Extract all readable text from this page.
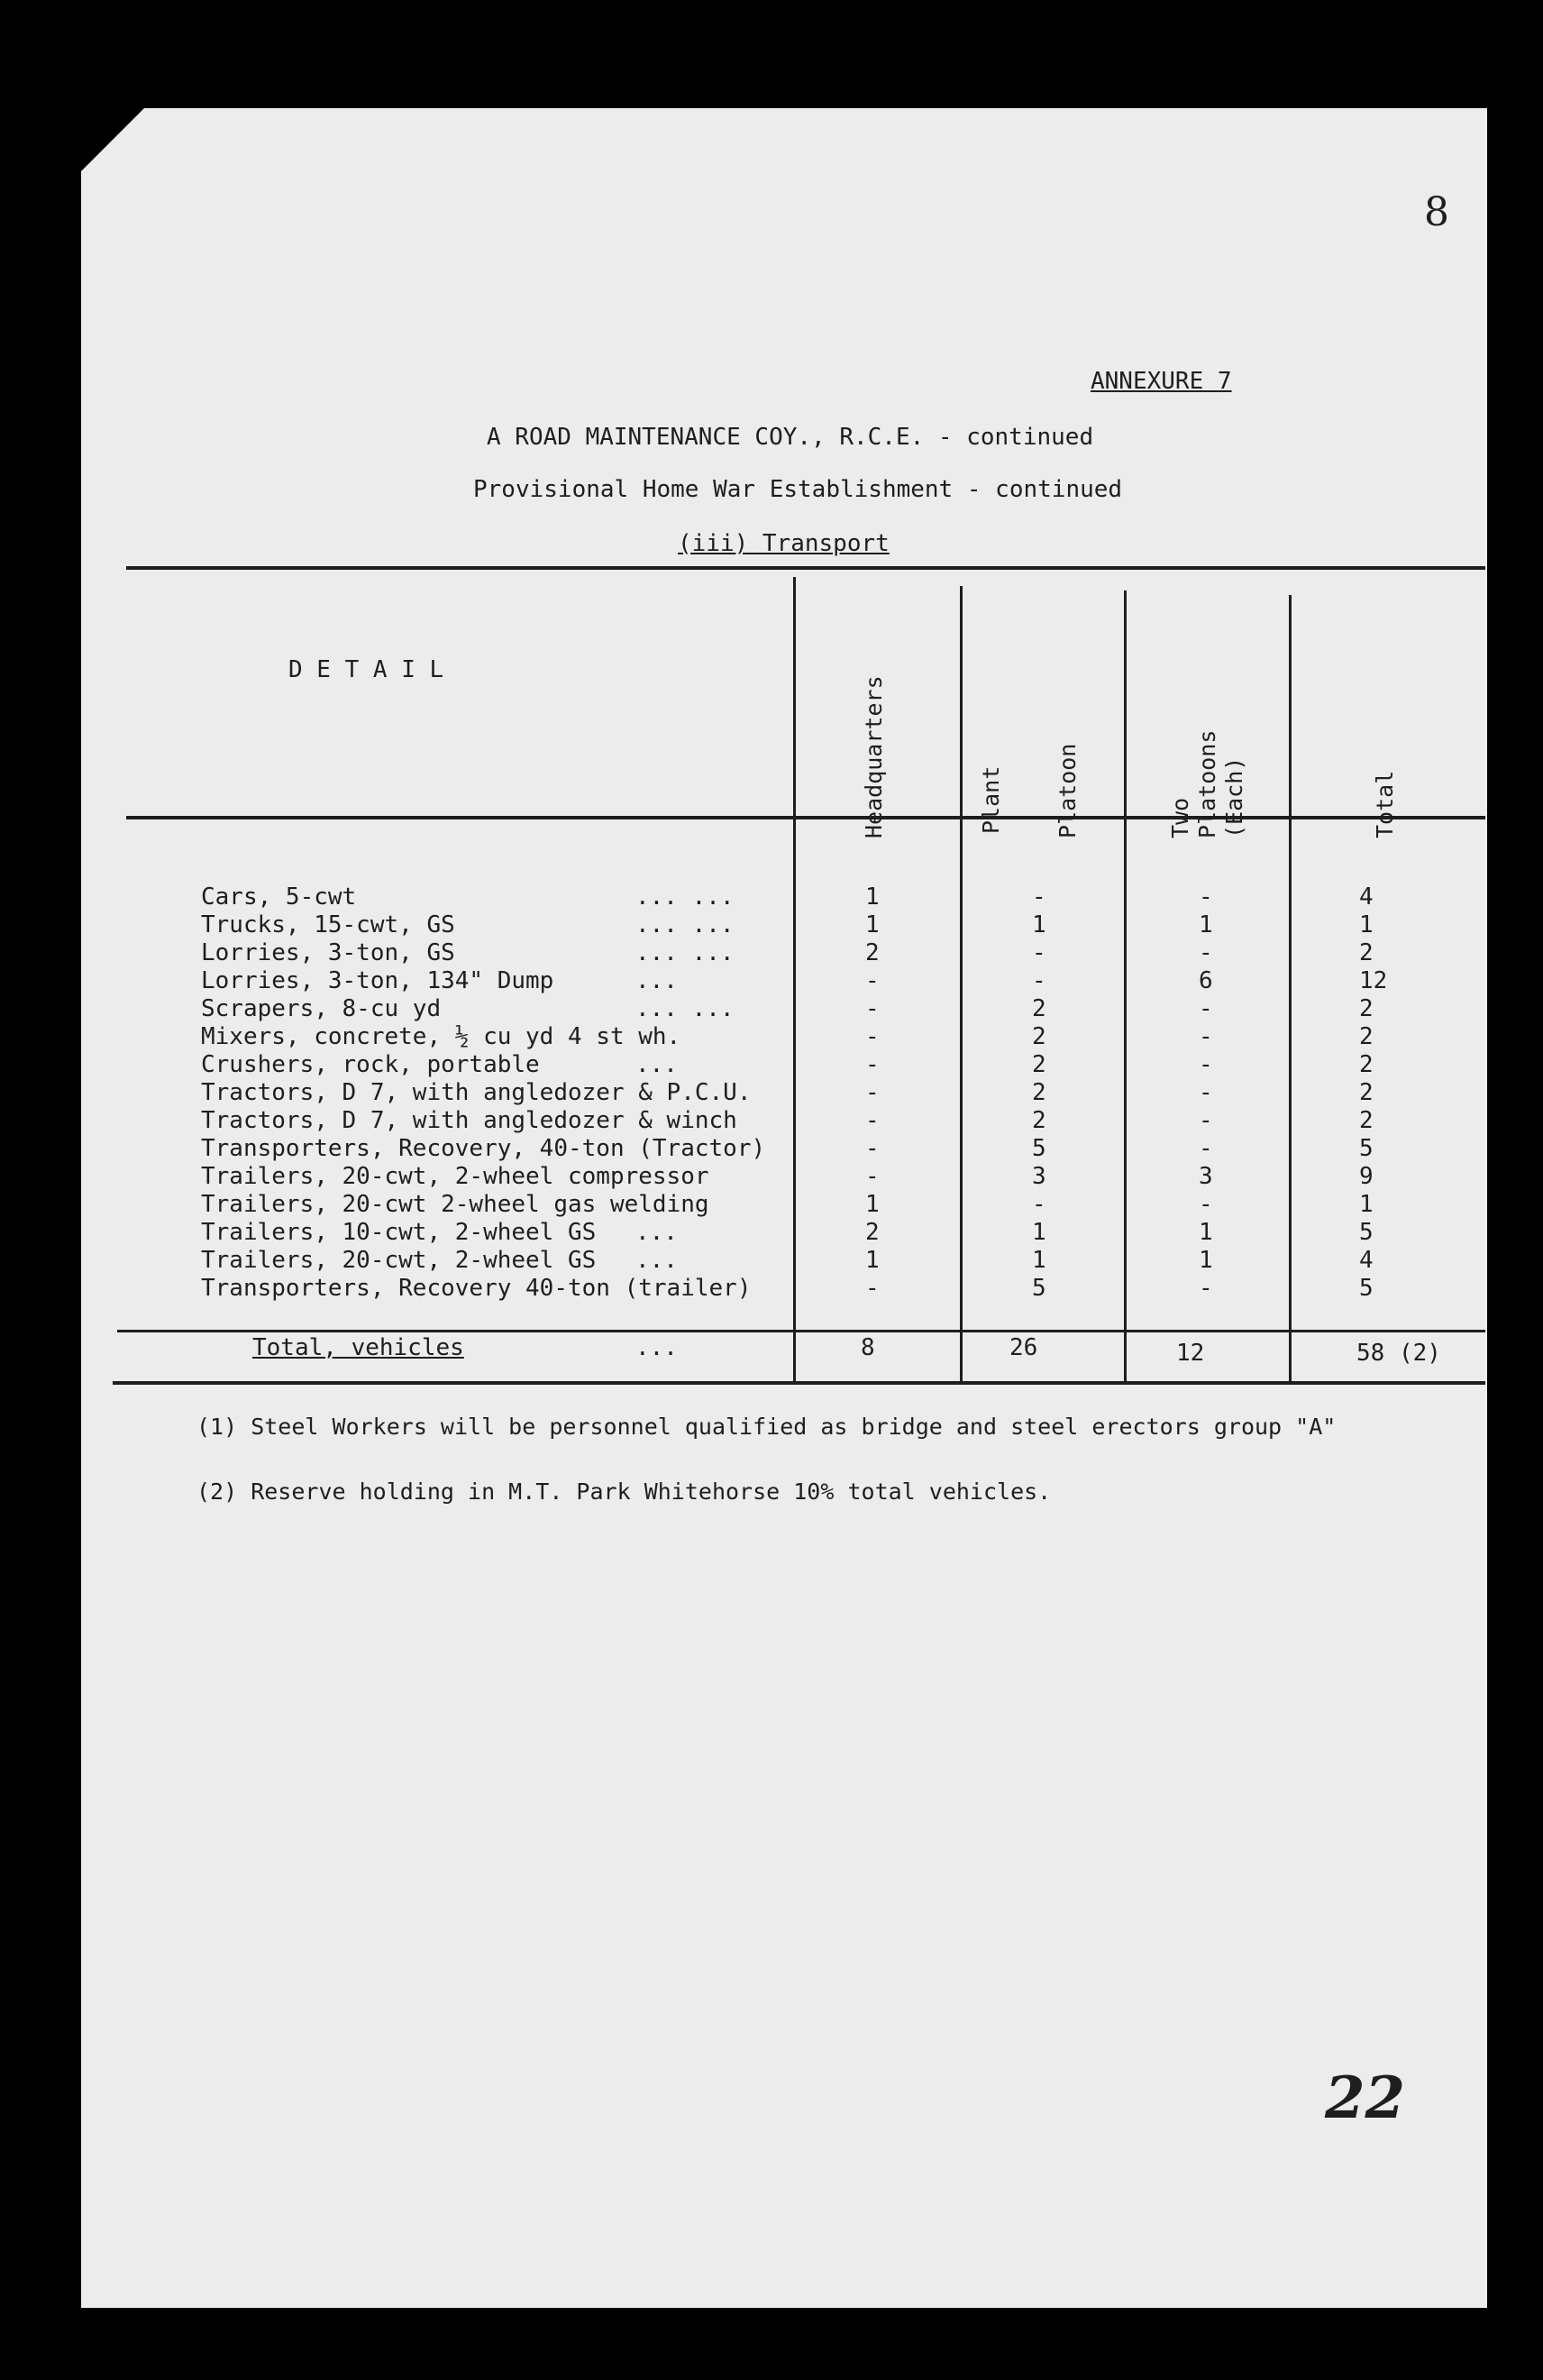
8
ANNEXURE 7
A ROAD MAINTENANCE COY., R.C.E. - continued
Provisional Home War Establishment - continued
(iii) Transport
D E T A I L
Headquarters	Plant Platoon	Two Platoons (Each)	Total
Cars, 5-cwt	... ...	1	-	-	4
Trucks, 15-cwt, GS	... ...	1	1	1	1
Lorries, 3-ton, GS	... ...	2	-	-	2
Lorries, 3-ton, 134" Dump	...	-	-	6	12
Scrapers, 8-cu yd	... ...	-	2	-	2
Mixers, concrete, ½ cu yd 4 st wh.	-	2	-	2
Crushers, rock, portable	...	-	2	-	2
Tractors, D 7, with angledozer & P.C.U.	-	2	-	2
Tractors, D 7, with angledozer & winch	-	2	-	2
Transporters, Recovery, 40-ton (Tractor)	-	5	-	5
Trailers, 20-cwt, 2-wheel compressor	-	3	3	9
Trailers, 20-cwt 2-wheel gas welding	1	-	-	1
Trailers, 10-cwt, 2-wheel GS ...	2	1	1	5
Trailers, 20-cwt, 2-wheel GS ...	1	1	1	4
Transporters, Recovery 40-ton (trailer)	-	5	-	5
Total, vehicles	...	8	26	12	58 (2)
(1) Steel Workers will be personnel qualified as bridge and steel erectors group "A"
(2) Reserve holding in M.T. Park Whitehorse 10% total vehicles.
22
